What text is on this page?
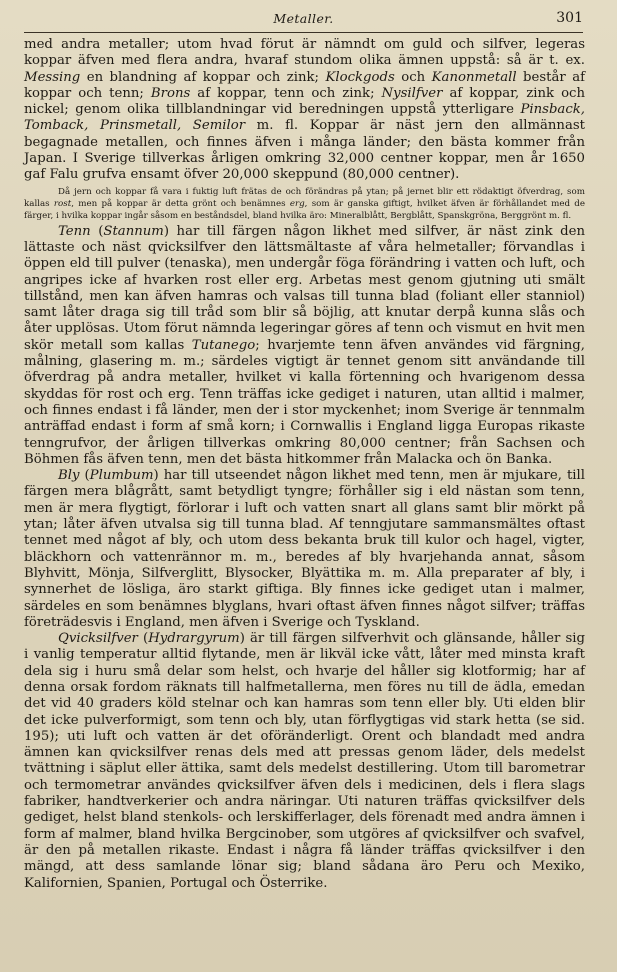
Metaller.	301

med andra metaller; utom hvad förut är nämndt om guld och silfver, legeras koppar äfven med flera andra, hvaraf stundom olika ämnen uppstå: så är t. ex. Messing en blandning af koppar och zink; Klockgods och Kanonmetall består af koppar och tenn; Brons af koppar, tenn och zink; Nysilfver af koppar, zink och nickel; genom olika tillblandningar vid beredningen uppstå ytterligare Pinsback, Tomback, Prinsmetall, Semilor m. fl. Koppar är näst jern den allmännast begagnade metallen, och finnes äfven i många länder; den bästa kommer från Japan. I Sverige tillverkas årligen omkring 32,000 centner koppar, men år 1650 gaf Falu grufva ensamt öfver 20,000 skeppund (80,000 centner).

Då jern och koppar få vara i fuktig luft frätas de och förändras på ytan; på jernet blir ett rödaktigt öfverdrag, som kallas rost, men på koppar är detta grönt och benämnes erg, som är ganska giftigt, hvilket äfven är förhållandet med de färger, i hvilka koppar ingår såsom en beståndsdel, bland hvilka äro: Mineralblått, Bergblått, Spanskgröna, Berggrönt m. fl.

Tenn (Stannum) har till färgen någon likhet med silfver, är näst zink den lättaste och näst qvicksilfver den lättsmältaste af våra helmetaller; förvandlas i öppen eld till pulver (tenaska), men undergår föga förändring i vatten och luft, och angripes icke af hvarken rost eller erg. Arbetas mest genom gjutning uti smält tillstånd, men kan äfven hamras och valsas till tunna blad (foliant eller stanniol) samt låter draga sig till tråd som blir så böjlig, att knutar derpå kunna slås och åter upplösas. Utom förut nämnda legeringar göres af tenn och vismut en hvit men skör metall som kallas Tutanego; hvarjemte tenn äfven användes vid färgning, målning, glasering m. m.; särdeles vigtigt är tennet genom sitt användande till öfverdrag på andra metaller, hvilket vi kalla förtenning och hvarigenom dessa skyddas för rost och erg. Tenn träffas icke gediget i naturen, utan alltid i malmer, och finnes endast i få länder, men der i stor myckenhet; inom Sverige är tennmalm anträffad endast i form af små korn; i Cornwallis i England ligga Europas rikaste tenngrufvor, der årligen tillverkas omkring 80,000 centner; från Sachsen och Böhmen fås äfven tenn, men det bästa hitkommer från Malacka och ön Banka.

Bly (Plumbum) har till utseendet någon likhet med tenn, men är mjukare, till färgen mera blågrått, samt betydligt tyngre; förhåller sig i eld nästan som tenn, men är mera flygtigt, förlorar i luft och vatten snart all glans samt blir mörkt på ytan; låter äfven utvalsa sig till tunna blad. Af tenngjutare sammansmältes oftast tennet med något af bly, och utom dess bekanta bruk till kulor och hagel, vigter, bläckhorn och vattenrännor m. m., beredes af bly hvarjehanda annat, såsom Blyhvitt, Mönja, Silfverglitt, Blysocker, Blyättika m. m. Alla preparater af bly, i synnerhet de lösliga, äro starkt giftiga. Bly finnes icke gediget utan i malmer, särdeles en som benämnes blyglans, hvari oftast äfven finnes något silfver; träffas företrädesvis i England, men äfven i Sverige och Tyskland.

Qvicksilfver (Hydrargyrum) är till färgen silfverhvit och glänsande, håller sig i vanlig temperatur alltid flytande, men är likväl icke vått, låter med minsta kraft dela sig i huru små delar som helst, och hvarje del håller sig klotformig; har af denna orsak fordom räknats till halfmetallerna, men föres nu till de ädla, emedan det vid 40 graders köld stelnar och kan hamras som tenn eller bly. Uti elden blir det icke pulverformigt, som tenn och bly, utan förflygtigas vid stark hetta (se sid. 195); uti luft och vatten är det oföränderligt. Orent och blandadt med andra ämnen kan qvicksilfver renas dels med att pressas genom läder, dels medelst tvättning i säplut eller ättika, samt dels medelst destillering. Utom till barometrar och termometrar användes qvicksilfver äfven dels i medicinen, dels i flera slags fabriker, handtverkerier och andra näringar. Uti naturen träffas qvicksilfver dels gediget, helst bland stenkols- och lerskifferlager, dels förenadt med andra ämnen i form af malmer, bland hvilka Bergcinober, som utgöres af qvicksilfver och svafvel, är den på metallen rikaste. Endast i några få länder träffas qvicksilfver i den mängd, att dess samlande lönar sig; bland sådana äro Peru och Mexiko, Kalifornien, Spanien, Portugal och Österrike.
